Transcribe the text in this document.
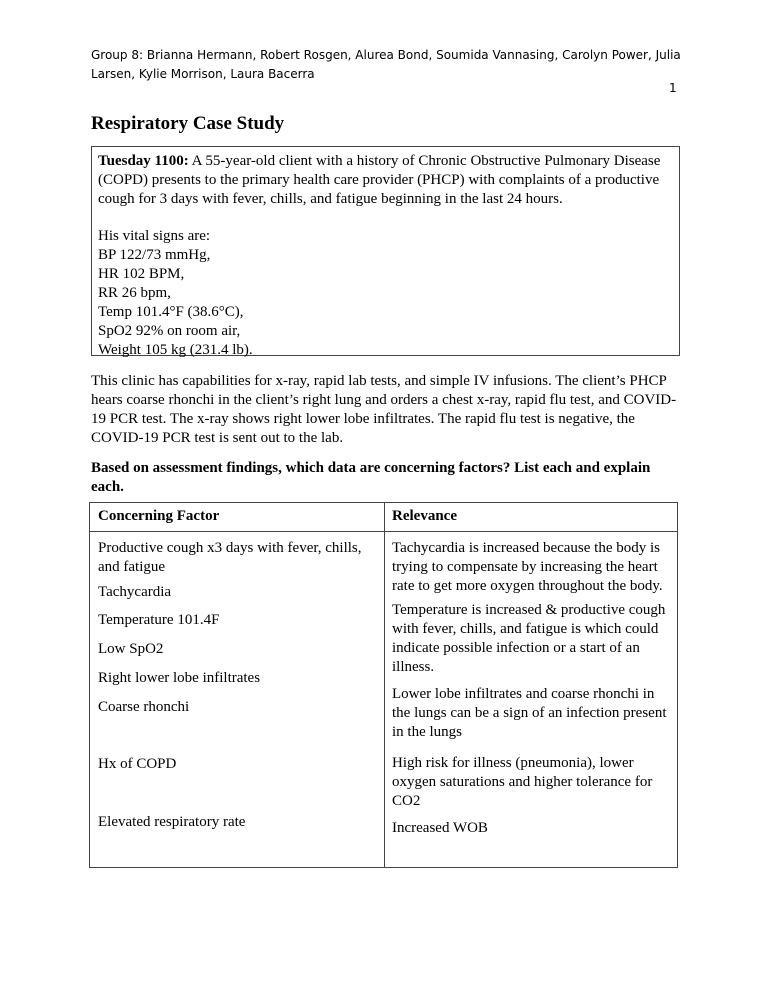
Group 8: Brianna Hermann, Robert Rosgen, Alurea Bond, Soumida Vannasing, Carolyn Power, Julia Larsen, Kylie Morrison, Laura Bacerra
1
Respiratory Case Study

Tuesday 1100: A 55-year-old client with a history of Chronic Obstructive Pulmonary Disease (COPD) presents to the primary health care provider (PHCP) with complaints of a productive cough for 3 days with fever, chills, and fatigue beginning in the last 24 hours.

His vital signs are:
BP 122/73 mmHg,
HR 102 BPM,
RR 26 bpm,
Temp 101.4°F (38.6°C),
SpO2 92% on room air,
Weight 105 kg (231.4 lb).

This clinic has capabilities for x-ray, rapid lab tests, and simple IV infusions. The client’s PHCP hears coarse rhonchi in the client’s right lung and orders a chest x-ray, rapid flu test, and COVID-19 PCR test. The x-ray shows right lower lobe infiltrates. The rapid flu test is negative, the COVID-19 PCR test is sent out to the lab.

Based on assessment findings, which data are concerning factors? List each and explain each.

Concerning Factor
Productive cough x3 days with fever, chills, and fatigue
Tachycardia
Temperature 101.4F
Low SpO2
Right lower lobe infiltrates
Coarse rhonchi
Hx of COPD
Elevated respiratory rate
Relevance
Tachycardia is increased because the body is trying to compensate by increasing the heart rate to get more oxygen throughout the body.
Temperature is increased & productive cough with fever, chills, and fatigue is which could indicate possible infection or a start of an illness.
Lower lobe infiltrates and coarse rhonchi in the lungs can be a sign of an infection present in the lungs
High risk for illness (pneumonia), lower oxygen saturations and higher tolerance for CO2
Increased WOB
